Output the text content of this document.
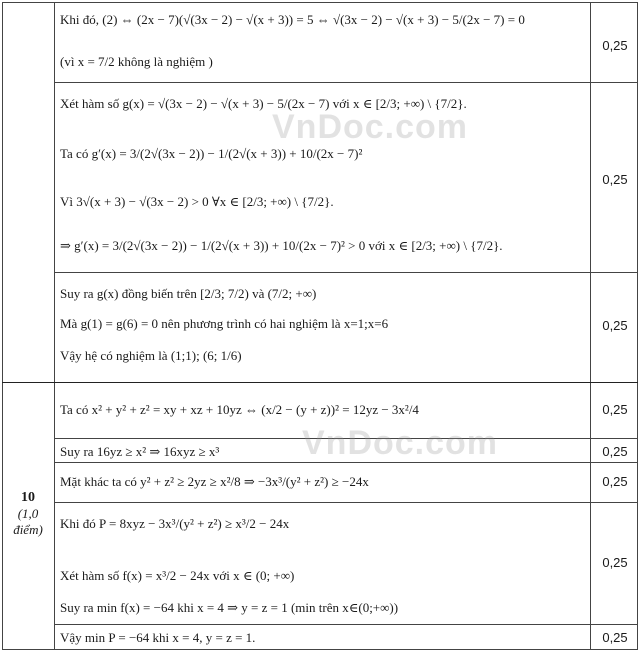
Khi đó, (2) ⇔ (2x − 7)(√(3x − 2) − √(x + 3)) = 5 ⇔ √(3x − 2) − √(x + 3) − 5/(2x − 7) = 0
(vì x = 7/2 không là nghiệm )
0,25
Xét hàm số g(x) = √(3x − 2) − √(x + 3) − 5/(2x − 7) với x ∈ [2/3; +∞) \ {7/2}.
Ta có g′(x) = 3/(2√(3x − 2)) − 1/(2√(x + 3)) + 10/(2x − 7)²
Vì 3√(x + 3) − √(3x − 2) > 0 ∀x ∈ [2/3; +∞) \ {7/2}.
⇒ g′(x) = 3/(2√(3x − 2)) − 1/(2√(x + 3)) + 10/(2x − 7)² > 0 với x ∈ [2/3; +∞) \ {7/2}.
0,25
Suy ra g(x) đồng biến trên [2/3; 7/2) và (7/2; +∞)
Mà g(1) = g(6) = 0 nên phương trình có hai nghiệm là x=1;x=6
Vậy hệ có nghiệm là (1;1); (6; 1/6)
0,25
10
(1,0
điểm)
Ta có x² + y² + z² = xy + xz + 10yz ⇔ (x/2 − (y + z))² = 12yz − 3x²/4	0,25
Suy ra 16yz ≥ x² ⇒ 16xyz ≥ x³	0,25
Mặt khác ta có y² + z² ≥ 2yz ≥ x²/8 ⇒ −3x³/(y² + z²) ≥ −24x	0,25
Khi đó P = 8xyz − 3x³/(y² + z²) ≥ x³/2 − 24x
Xét hàm số f(x) = x³/2 − 24x với x ∈ (0; +∞)
Suy ra min f(x) = −64 khi x = 4 ⇒ y = z = 1 (min trên x∈(0;+∞))
0,25
Vậy min P = −64 khi x = 4, y = z = 1.	0,25
VnDoc.com
VnDoc.com
